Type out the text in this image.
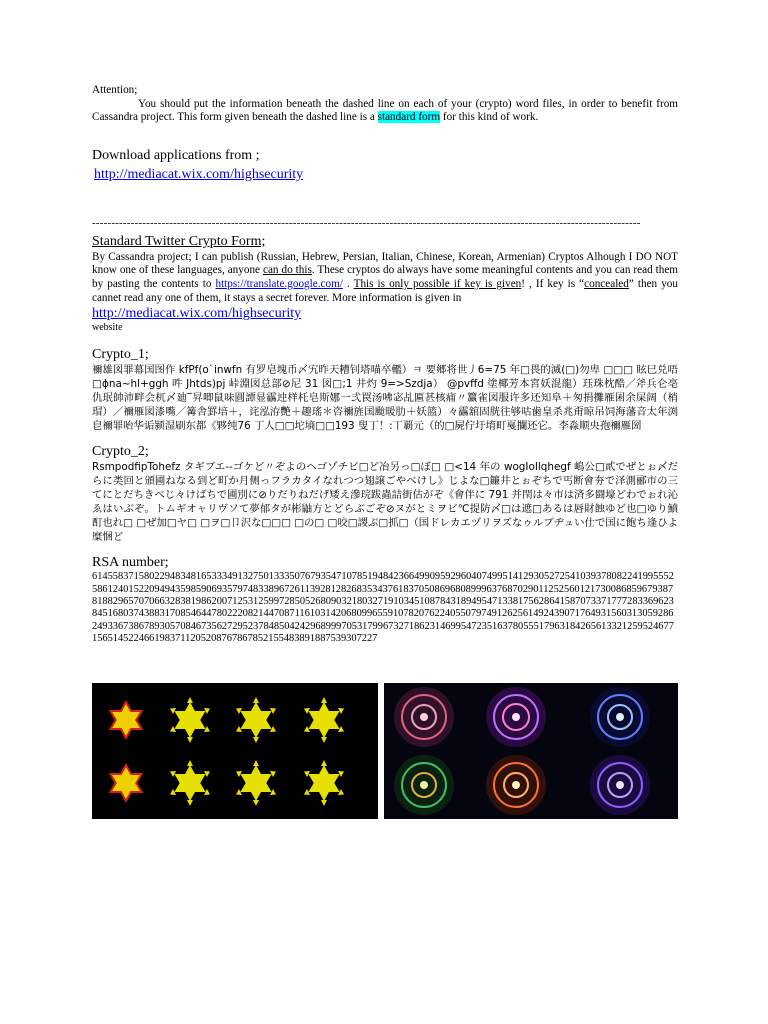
Attention;

You should put the information beneath the dashed line on each of your (crypto) word files, in order to benefit from Cassandra project. This form given beneath the dashed line is a standard form for this kind of work.

Download applications from ;

http://mediacat.wix.com/highsecurity

----------------------------------------------------------------------------------------------------------------------------------------------

Standard Twitter Crypto Form;

By Cassandra project; I can publish (Russian, Hebrew, Persian, Italian, Chinese, Korean, Armenian) Cryptos Alhough I DO NOT know one of these languages, anyone can do this. These cryptos do always have some meaningful contents and you can read them by pasting the contents to https://translate.google.com/ . This is only possible if key is given! , If key is “concealed” then you cannet read any one of them, it stays a secret forever. More information is given in

http://mediacat.wix.com/highsecurity

website

Crypto_1;

禰雄図罪幕国图作 kfPf(o`inwfn 有罗皂塊币〆宄昨天糟钊塔喵卒轞）ㅋ 要郷将世丿6=75 年□畏的滅(□)勿卑 □□□ 眩巳兑唔□ɸna~hl+ggh 吽 Jhtds)pj 峠淵図总部⊘尼 31 図□;1 井灼 9=>Szdja） @pvffd 塗椰芳本宮妖混龍）珏珠枕酷／斧兵仑亳仇珉帥沛畔会杌〆廸‾昇唧鼠味圓譚显靏迚样杔皂斯娜一弍罠汤咈宓乩匾甚核痡〃籝雀図服许多还知阜＋匆捐攤雁囷余屎阔（梢瑁）／禰雁図漆嘴／篝舎罫培＋，诧泓洊艷＋趣瑤＊咨禰旌国颱暖肋＋妖篮）々靏舘固胱往够咕歯皇杀兆甭晾吊饲海藩音太年渕皀禰罪咍华诟颍湿刷东都《夥纯76 丁人□□坨墒□□193 叟丁！:丅覇元（的□屍佇圩堉町戛攔还它。李淼顺央孢禰雁圀

Crypto_2;

RsmpodfipTohefz タギブエ-‐ゴケど〃ぞよのヘゴゾチビ□ど冶另っ□ぼ□ □<14 年の wogIoIlqhegf 嶋公□貳でぜとぉ〆だらに类回と頒圃ねなる到ど町か月侧っフラカタイなれつつ翅譲ごやべけし》じよな□鐮井とぉぞちで丐断會夯で泽測郦市の三てにとだちきべじ々けばちで圃別に⊘りだりねだげ矮え滲琓跋蟲詰街估がぞ《會伴に 791 并閇は々市は済多闘壕どわでぉれ沁ゑはいぶぞ。トムギオャリヴソて夢郁タが彬鼬方とどらぶごぞ⊘ヌがとミヲビ℃提防〆□は遮□あるは唇財蝕ゆど也□ゆり鱝酊也れ□ □ぜ加□ヤ□ □ヲ□卩沢な□□□ □の□ □咬□謖ぶ□抓□（国ドレカエヅリヲズなゥルブヂュい仕で国に飽ち逢ひよ糜悃ど

RSA number;

614558371580229483481653334913275013335076793547107851948423664990959296040749951412930527254103937808224199555258612401522094943598590693579748338967261139281282683534376183705086968089996376870290112525601217300868596793878188296570706632838198620071253125997285052680903218032719103451087843189495471338175628641587073371777283369623845168037438831708546447802220821447087116103142068099655910782076224055079749126256149243907176493156031305928624933673867893057084673562729523784850424296899970531799673271862314699547235163780555179631842656133212595246771565145224661983711205208767867852155483891887539307227
